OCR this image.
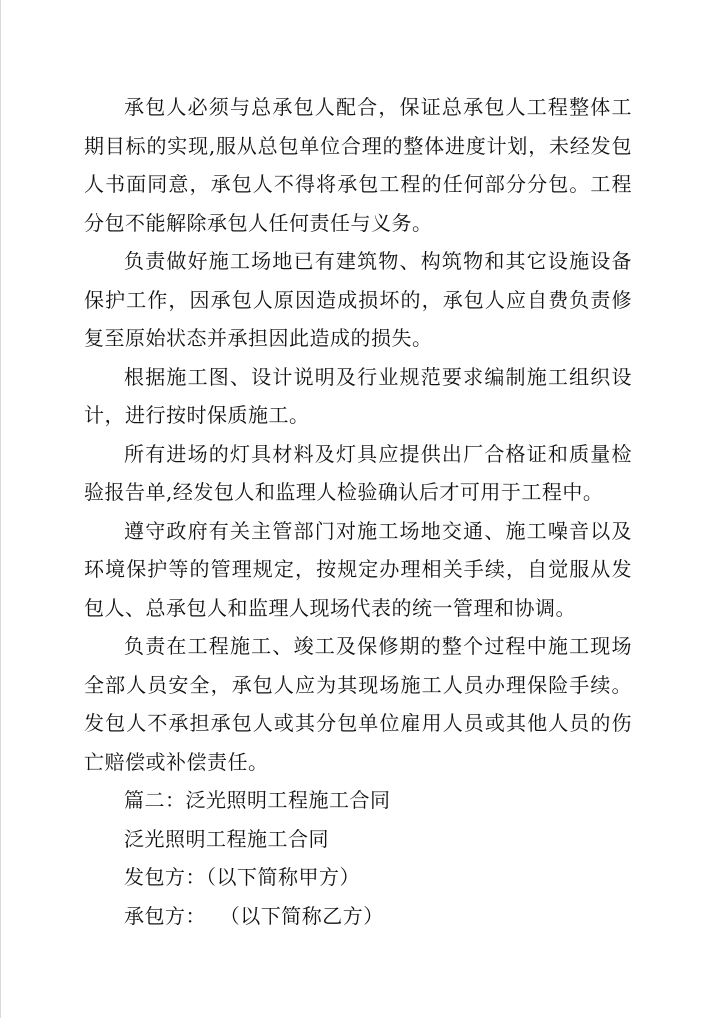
承包人必须与总承包人配合，保证总承包人工程整体工期目标的实现,服从总包单位合理的整体进度计划，未经发包人书面同意，承包人不得将承包工程的任何部分分包。工程分包不能解除承包人任何责任与义务。

负责做好施工场地已有建筑物、构筑物和其它设施设备保护工作，因承包人原因造成损坏的，承包人应自费负责修复至原始状态并承担因此造成的损失。

根据施工图、设计说明及行业规范要求编制施工组织设计，进行按时保质施工。

所有进场的灯具材料及灯具应提供出厂合格证和质量检验报告单,经发包人和监理人检验确认后才可用于工程中。

遵守政府有关主管部门对施工场地交通、施工噪音以及环境保护等的管理规定，按规定办理相关手续，自觉服从发包人、总承包人和监理人现场代表的统一管理和协调。

负责在工程施工、竣工及保修期的整个过程中施工现场全部人员安全，承包人应为其现场施工人员办理保险手续。发包人不承担承包人或其分包单位雇用人员或其他人员的伤亡赔偿或补偿责任。

篇二：泛光照明工程施工合同

泛光照明工程施工合同

发包方：（以下简称甲方）

承包方：  （以下简称乙方）
